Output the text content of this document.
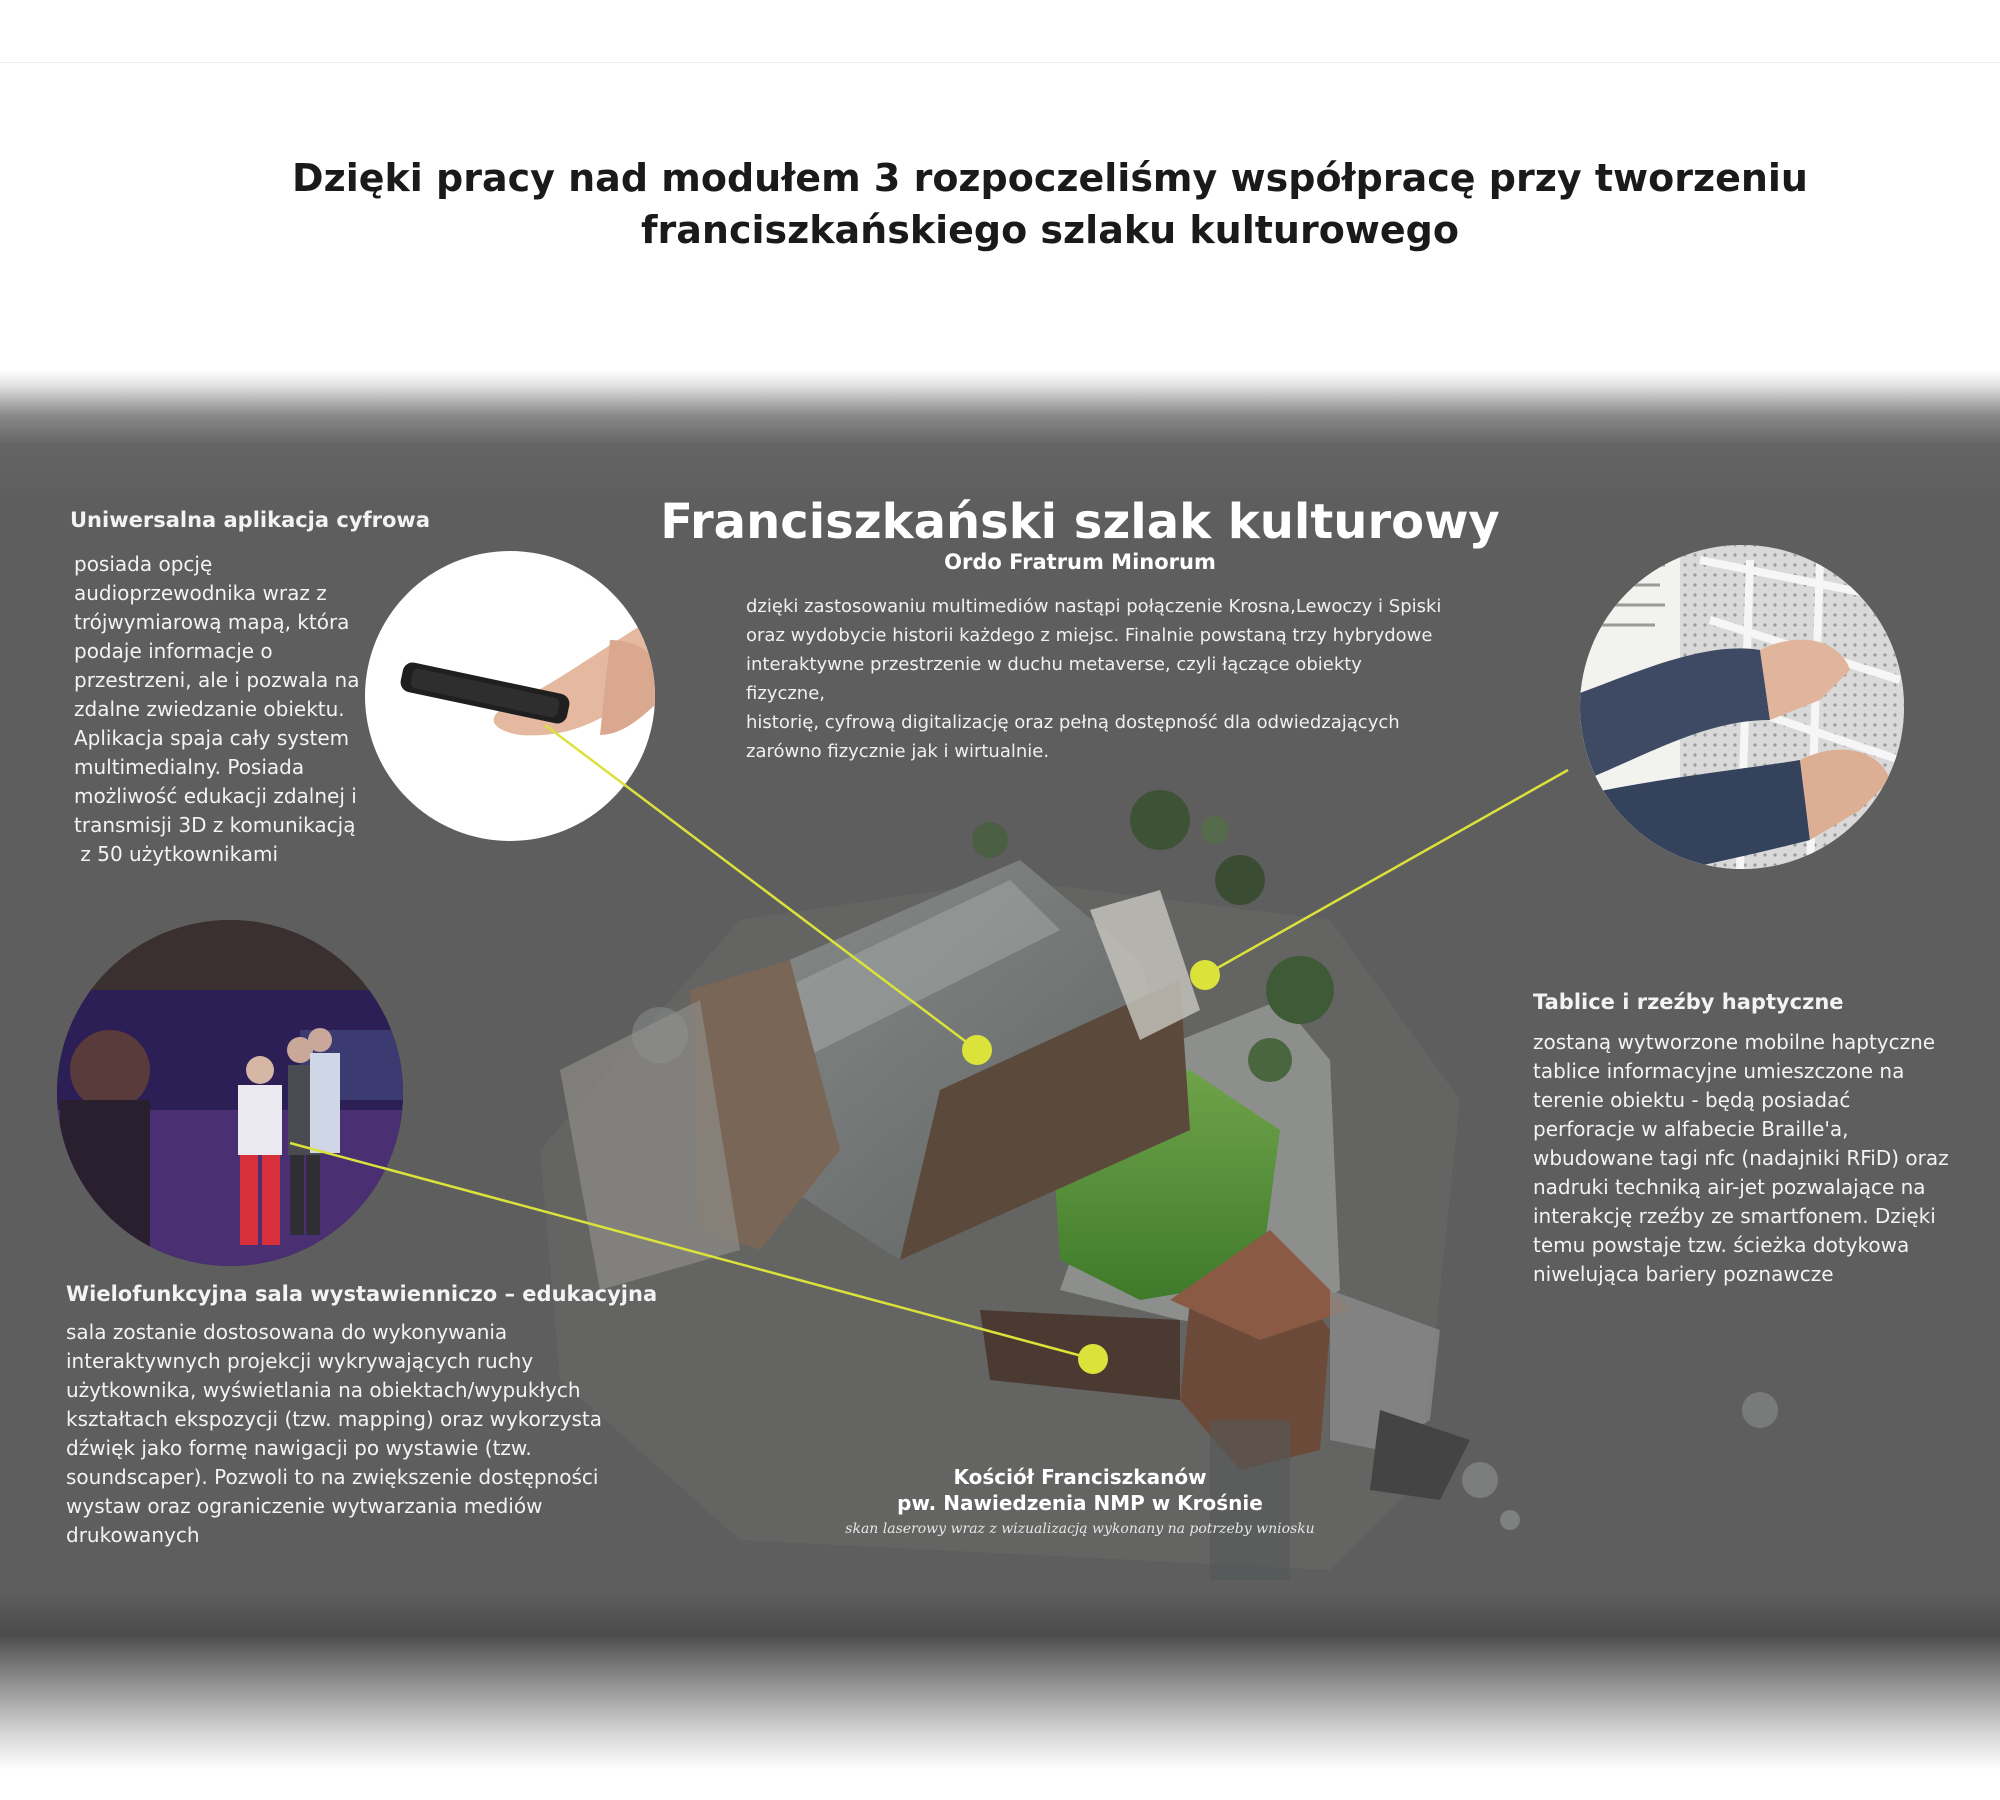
Dzięki pracy nad modułem 3 rozpoczeliśmy współpracę przy tworzeniu
franciszkańskiego szlaku kulturowego
Franciszkański szlak kulturowy
Ordo Fratrum Minorum
dzięki zastosowaniu multimediów nastąpi połączenie Krosna,Lewoczy i Spiski
oraz wydobycie historii każdego z miejsc. Finalnie powstaną trzy hybrydowe
interaktywne przestrzenie w duchu metaverse, czyli łączące obiekty fizyczne,
historię, cyfrową digitalizację oraz pełną dostępność dla odwiedzających
zarówno fizycznie jak i wirtualnie.
Uniwersalna aplikacja cyfrowa
posiada opcję
audioprzewodnika wraz z
trójwymiarową mapą, która
podaje informacje o
przestrzeni, ale i pozwala na
zdalne zwiedzanie obiektu.
Aplikacja spaja cały system
multimedialny. Posiada
możliwość edukacji zdalnej i
transmisji 3D z komunikacją
z 50 użytkownikami
Wielofunkcyjna sala wystawienniczo – edukacyjna
sala zostanie dostosowana do wykonywania
interaktywnych projekcji wykrywających ruchy
użytkownika, wyświetlania na obiektach/wypukłych
kształtach ekspozycji (tzw. mapping) oraz wykorzysta
dźwięk jako formę nawigacji po wystawie (tzw.
soundscaper). Pozwoli to na zwiększenie dostępności
wystaw oraz ograniczenie wytwarzania mediów
drukowanych
Tablice i rzeźby haptyczne
zostaną wytworzone mobilne haptyczne
tablice informacyjne umieszczone na
terenie obiektu - będą posiadać
perforacje w alfabecie Braille'a,
wbudowane tagi nfc (nadajniki RFiD) oraz
nadruki techniką air-jet pozwalające na
interakcję rzeźby ze smartfonem. Dzięki
temu powstaje tzw. ścieżka dotykowa
niwelująca bariery poznawcze
Kościół Franciszkanów
pw. Nawiedzenia NMP w Krośnie
skan laserowy wraz z wizualizacją wykonany na potrzeby wniosku
